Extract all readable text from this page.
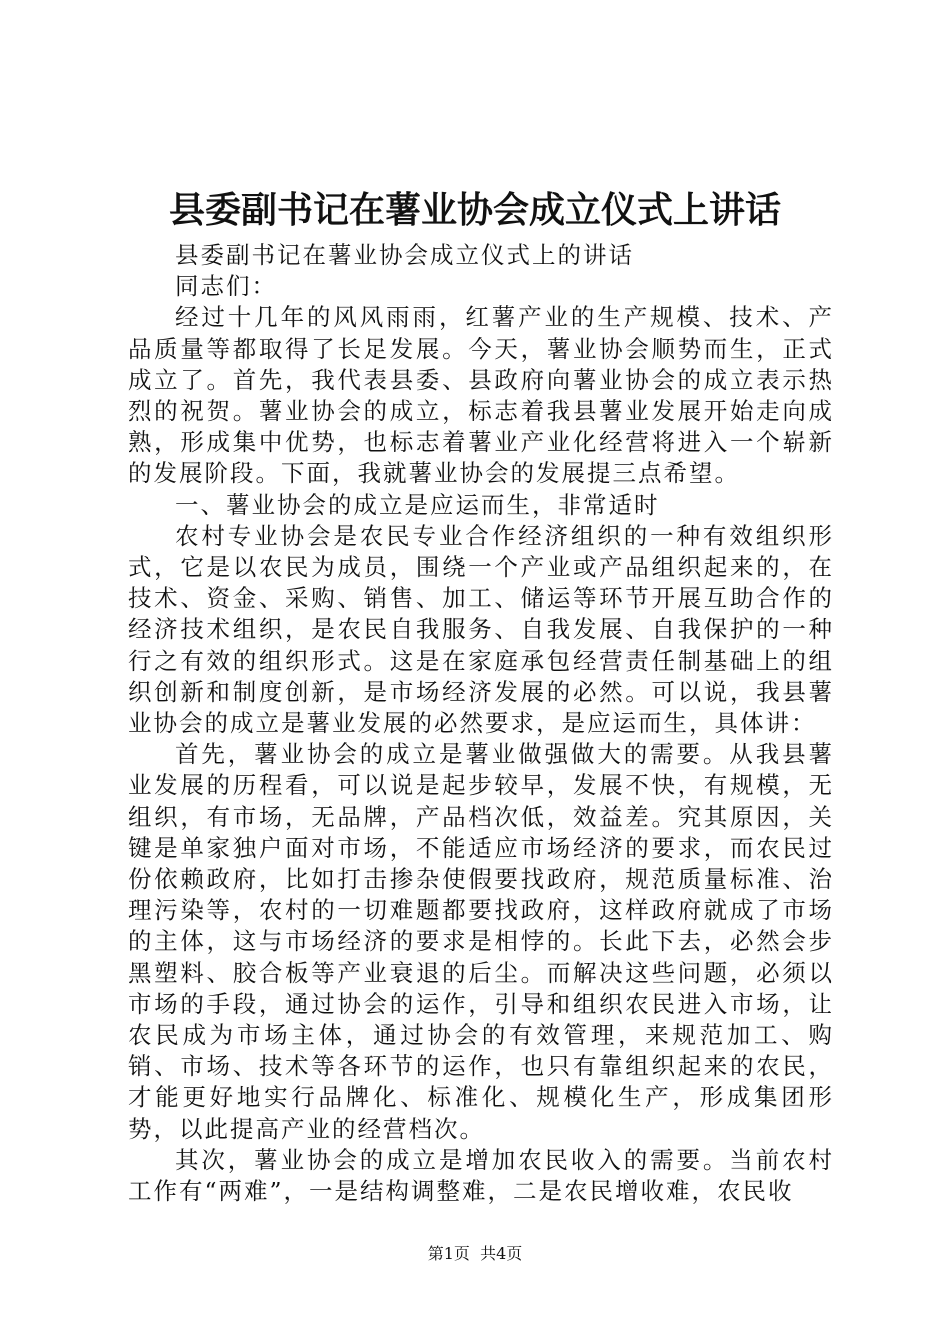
县委副书记在薯业协会成立仪式上讲话

县委副书记在薯业协会成立仪式上的讲话

同志们：

经过十几年的风风雨雨，红薯产业的生产规模、技术、产品质量等都取得了长足发展。今天，薯业协会顺势而生，正式成立了。首先，我代表县委、县政府向薯业协会的成立表示热烈的祝贺。薯业协会的成立，标志着我县薯业发展开始走向成熟，形成集中优势，也标志着薯业产业化经营将进入一个崭新的发展阶段。下面，我就薯业协会的发展提三点希望。

一、薯业协会的成立是应运而生，非常适时

农村专业协会是农民专业合作经济组织的一种有效组织形式，它是以农民为成员，围绕一个产业或产品组织起来的，在技术、资金、采购、销售、加工、储运等环节开展互助合作的经济技术组织，是农民自我服务、自我发展、自我保护的一种行之有效的组织形式。这是在家庭承包经营责任制基础上的组织创新和制度创新，是市场经济发展的必然。可以说，我县薯业协会的成立是薯业发展的必然要求，是应运而生，具体讲：

首先，薯业协会的成立是薯业做强做大的需要。从我县薯业发展的历程看，可以说是起步较早，发展不快，有规模，无组织，有市场，无品牌，产品档次低，效益差。究其原因，关键是单家独户面对市场，不能适应市场经济的要求，而农民过份依赖政府，比如打击掺杂使假要找政府，规范质量标准、治理污染等，农村的一切难题都要找政府，这样政府就成了市场的主体，这与市场经济的要求是相悖的。长此下去，必然会步黑塑料、胶合板等产业衰退的后尘。而解决这些问题，必须以市场的手段，通过协会的运作，引导和组织农民进入市场，让农民成为市场主体，通过协会的有效管理，来规范加工、购销、市场、技术等各环节的运作，也只有靠组织起来的农民，才能更好地实行品牌化、标准化、规模化生产，形成集团形势，以此提高产业的经营档次。

其次，薯业协会的成立是增加农民收入的需要。当前农村工作有“两难”，一是结构调整难，二是农民增收难，农民收

第1页  共4页
